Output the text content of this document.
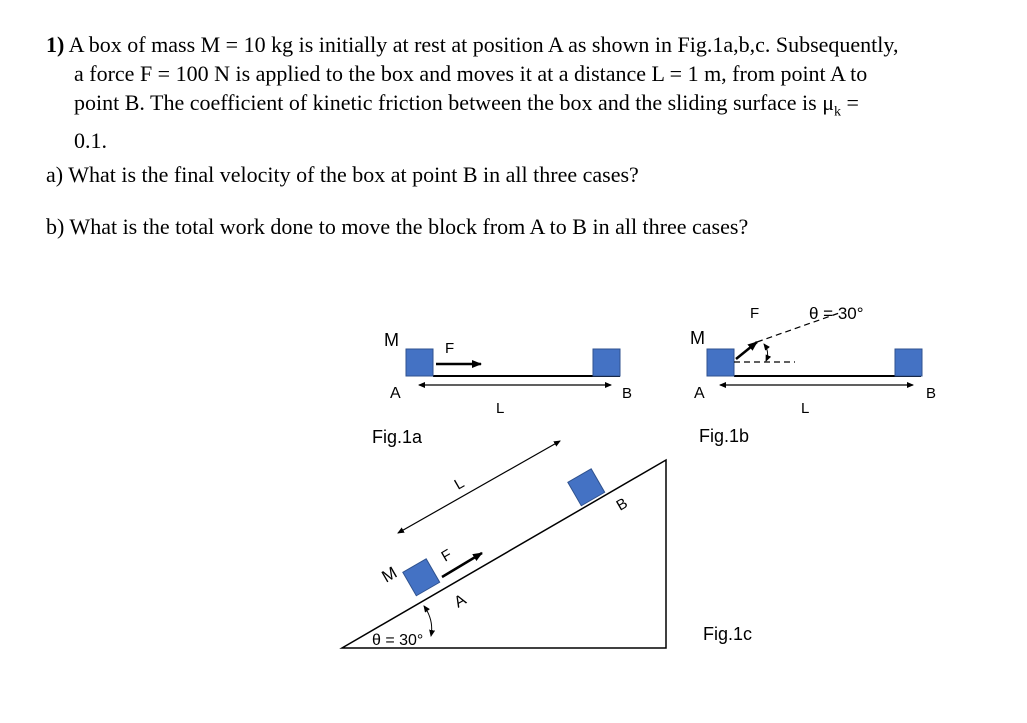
1) A box of mass M = 10 kg is initially at rest at position A as shown in Fig.1a,b,c. Subsequently,
a force F = 100 N is applied to the box and moves it at a distance L = 1 m, from point A to
point B. The coefficient of kinetic friction between the box and the sliding surface is $\mu_k$ =
0.1.
a) What is the final velocity of the box at point B in all three cases?
b) What is the total work done to move the block from A to B in all three cases?
M	F
A	B
L
Fig.1a
M
F	θ = 30°
A	B
L
Fig.1b
M
F
A
B
L
θ = 30°	Fig.1c
